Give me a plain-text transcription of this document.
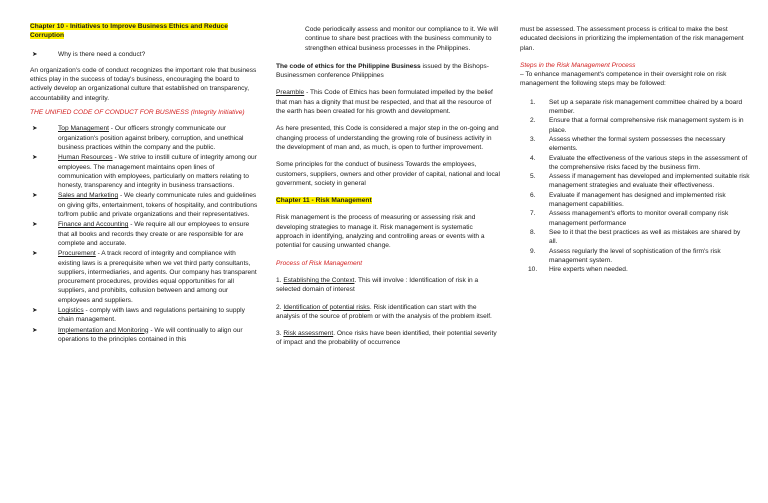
Chapter 10 - Initiatives to Improve Business Ethics and Reduce Corruption

➤	Why is there need a conduct?

An organization's code of conduct recognizes the important role that business ethics play in the success of today's business, encouraging the board to actively develop an organizational culture that established on transparency, accountability and integrity.

THE UNIFIED CODE OF CONDUCT FOR BUSINESS (Integrity Initiative)

➤	Top Management - Our officers strongly communicate our organization's position against bribery, corruption, and unethical business practices within the company and the public.
➤	Human Resources - We strive to instill culture of integrity among our employees. The management maintains open lines of communication with employees, particularly on matters relating to honesty, transparency and integrity in business transactions.
➤	Sales and Marketing - We clearly communicate rules and guidelines on giving gifts, entertainment, tokens of hospitality, and contributions to/from public and private organizations and their representatives.
➤	Finance and Accounting - We require all our employees to ensure that all books and records they create or are responsible for are complete and accurate.
➤	Procurement - A track record of integrity and compliance with existing laws is a prerequisite when we vet third party consultants, suppliers, intermediaries, and agents. Our company has transparent procurement procedures, provides equal opportunities for all suppliers, and prohibits, collusion between and among our employees and suppliers.
➤	Logistics - comply with laws and regulations pertaining to supply chain management.
➤	Implementation and Monitoring - We will continually to align our operations to the principles contained in this

Code periodically assess and monitor our compliance to it. We will continue to share best practices with the business community to strengthen ethical business processes in the Philippines.

The code of ethics for the Philippine Business issued by the Bishops-Businessmen conference Philippines

Preamble - This Code of Ethics has been formulated impelled by the belief that man has a dignity that must be respected, and that all the resource of the earth has been created for his growth and development.

As here presented, this Code is considered a major step in the on-going and changing process of understanding the growing role of business activity in the development of man and, as much, is open to further improvement.

Some principles for the conduct of business Towards the employees, customers, suppliers, owners and other provider of capital, national and local government, society in general

Chapter 11 - Risk Management

Risk management is the process of measuring or assessing risk and developing strategies to manage it. Risk management is systematic approach in identifying, analyzing and controlling areas or events with a potential for causing unwanted change.

Process of Risk Management

1. Establishing the Context. This will involve : Identification of risk in a selected domain of interest

2. Identification of potential risks. Risk identification can start with the analysis of the source of problem or with the analysis of the problem itself.

3. Risk assessment. Once risks have been identified, their potential severity of impact and the probability of occurrence

must be assessed. The assessment process is critical to make the best educated decisions in prioritizing the implementation of the risk management plan.

Steps in the Risk Management Process

– To enhance management's competence in their oversight role on risk management the following steps may be followed:

1. Set up a separate risk management committee chaired by a board member.
2. Ensure that a formal comprehensive risk management system is in place.
3. Assess whether the formal system possesses the necessary elements.
4. Evaluate the effectiveness of the various steps in the assessment of the comprehensive risks faced by the business firm.
5. Assess if management has developed and implemented suitable risk management strategies and evaluate their effectiveness.
6. Evaluate if management has designed and implemented risk management capabilities.
7. Assess management's efforts to monitor overall company risk management performance
8. See to it that the best practices as well as mistakes are shared by all.
9. Assess regularly the level of sophistication of the firm's risk management system.
10. Hire experts when needed.
